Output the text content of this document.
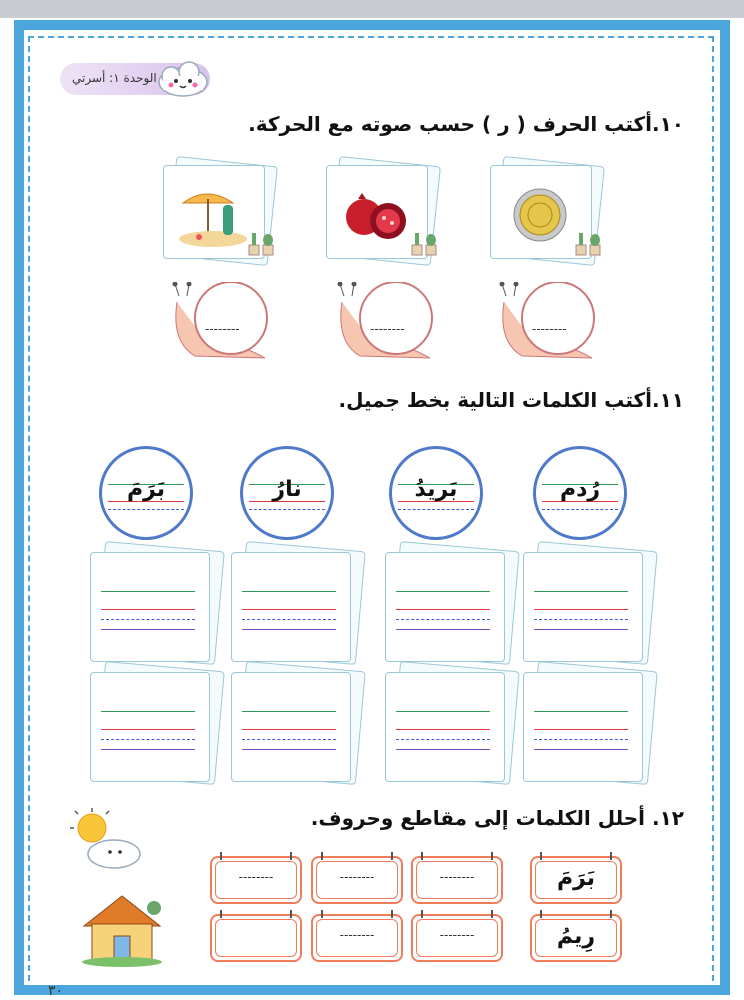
الوحدة ١: أسرتي
١٠.أكتب الحرف ( ر ) حسب صوته مع الحركة.
--------	--------	--------
١١.أكتب الكلمات التالية بخط جميل.
رُدم
بَريدُ
نارُ
بَرَمَ
١٢. أحلل الكلمات إلى مقاطع وحروف.
بَرَمَ
--------
--------
--------
رِيمُ
--------
--------
٣٠
